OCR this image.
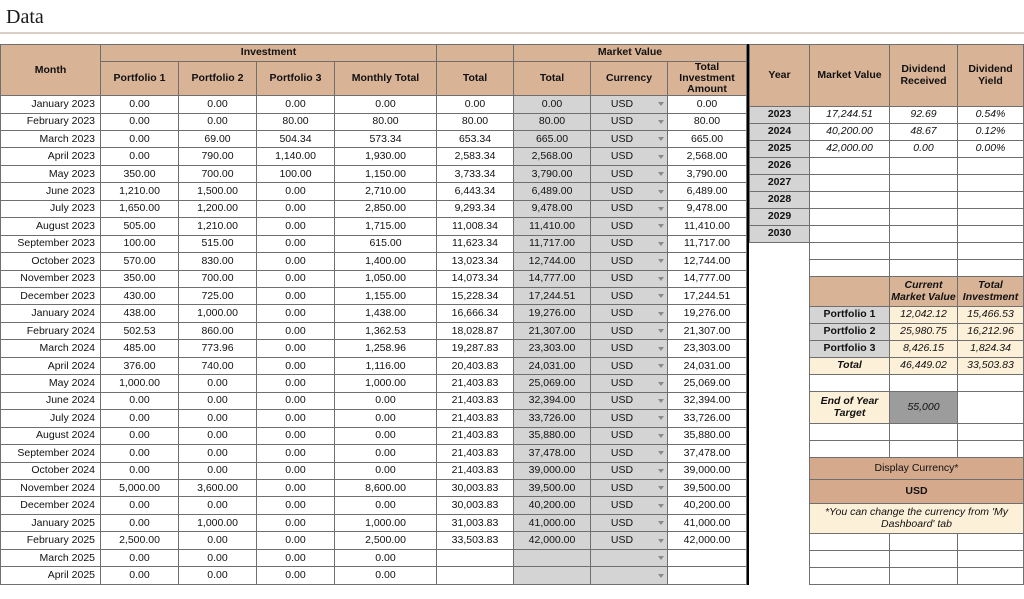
Data
Month	Investment					Market Value		
	Portfolio 1	Portfolio 2	Portfolio 3	Monthly Total	Total	Total	Currency	Total Investment Amount
January 2023	0.00	0.00	0.00	0.00	0.00	0.00	USD	0.00
February 2023	0.00	0.00	80.00	80.00	80.00	80.00	USD	80.00
March 2023	0.00	69.00	504.34	573.34	653.34	665.00	USD	665.00
April 2023	0.00	790.00	1,140.00	1,930.00	2,583.34	2,568.00	USD	2,568.00
May 2023	350.00	700.00	100.00	1,150.00	3,733.34	3,790.00	USD	3,790.00
June 2023	1,210.00	1,500.00	0.00	2,710.00	6,443.34	6,489.00	USD	6,489.00
July 2023	1,650.00	1,200.00	0.00	2,850.00	9,293.34	9,478.00	USD	9,478.00
August 2023	505.00	1,210.00	0.00	1,715.00	11,008.34	11,410.00	USD	11,410.00
September 2023	100.00	515.00	0.00	615.00	11,623.34	11,717.00	USD	11,717.00
October 2023	570.00	830.00	0.00	1,400.00	13,023.34	12,744.00	USD	12,744.00
November 2023	350.00	700.00	0.00	1,050.00	14,073.34	14,777.00	USD	14,777.00
December 2023	430.00	725.00	0.00	1,155.00	15,228.34	17,244.51	USD	17,244.51
January 2024	438.00	1,000.00	0.00	1,438.00	16,666.34	19,276.00	USD	19,276.00
February 2024	502.53	860.00	0.00	1,362.53	18,028.87	21,307.00	USD	21,307.00
March 2024	485.00	773.96	0.00	1,258.96	19,287.83	23,303.00	USD	23,303.00
April 2024	376.00	740.00	0.00	1,116.00	20,403.83	24,031.00	USD	24,031.00
May 2024	1,000.00	0.00	0.00	1,000.00	21,403.83	25,069.00	USD	25,069.00
June 2024	0.00	0.00	0.00	0.00	21,403.83	32,394.00	USD	32,394.00
July 2024	0.00	0.00	0.00	0.00	21,403.83	33,726.00	USD	33,726.00
August 2024	0.00	0.00	0.00	0.00	21,403.83	35,880.00	USD	35,880.00
September 2024	0.00	0.00	0.00	0.00	21,403.83	37,478.00	USD	37,478.00
October 2024	0.00	0.00	0.00	0.00	21,403.83	39,000.00	USD	39,000.00
November 2024	5,000.00	3,600.00	0.00	8,600.00	30,003.83	39,500.00	USD	39,500.00
December 2024	0.00	0.00	0.00	0.00	30,003.83	40,200.00	USD	40,200.00
January 2025	0.00	1,000.00	0.00	1,000.00	31,003.83	41,000.00	USD	41,000.00
February 2025	2,500.00	0.00	0.00	2,500.00	33,503.83	42,000.00	USD	42,000.00
March 2025	0.00	0.00	0.00	0.00			

April 2025	0.00	0.00	0.00	0.00			

Year	Market Value	Dividend Received	Dividend Yield
2023	17,244.51	92.69	0.54%
2024	40,200.00	48.67	0.12%
2025	42,000.00	0.00	0.00%
2026			
2027			
2028			
2029			
2030			

		Current Market Value	Total Investment
	Portfolio 1	12,042.12	15,466.53
	Portfolio 2	25,980.75	16,212.96
	Portfolio 3	8,426.15	1,824.34
	Total	46,449.02	33,503.83

	End of Year Target	55,000	

	Display Currency*		
	USD		
	*You can change the currency from 'My Dashboard' tab		
